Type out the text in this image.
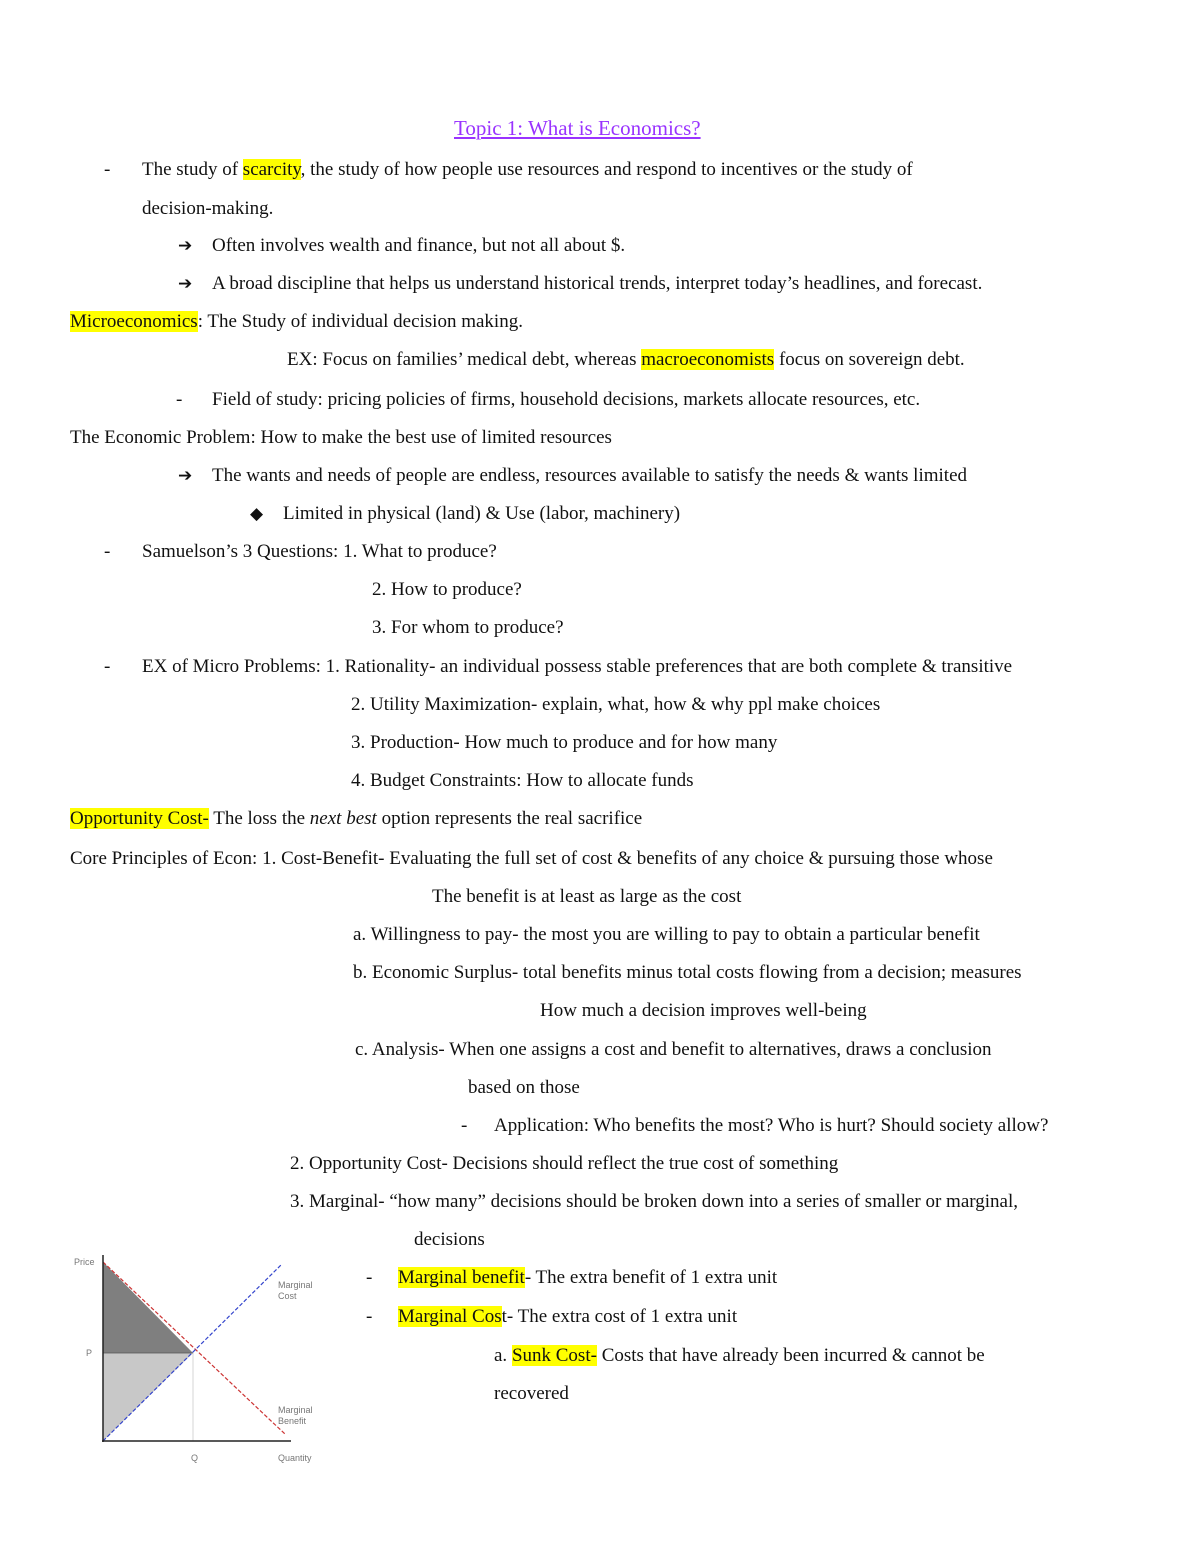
Topic 1: What is Economics?
- The study of scarcity, the study of how people use resources and respond to incentives or the study of
decision-making.
➔ Often involves wealth and finance, but not all about $.
➔ A broad discipline that helps us understand historical trends, interpret today’s headlines, and forecast.
Microeconomics: The Study of individual decision making.
EX: Focus on families’ medical debt, whereas macroeconomists focus on sovereign debt.
- Field of study: pricing policies of firms, household decisions, markets allocate resources, etc.
The Economic Problem: How to make the best use of limited resources
➔ The wants and needs of people are endless, resources available to satisfy the needs & wants limited
◆ Limited in physical (land) & Use (labor, machinery)
- Samuelson’s 3 Questions: 1. What to produce?
2. How to produce?
3. For whom to produce?
- EX of Micro Problems: 1. Rationality- an individual possess stable preferences that are both complete & transitive
2. Utility Maximization- explain, what, how & why ppl make choices
3. Production- How much to produce and for how many
4. Budget Constraints: How to allocate funds
Opportunity Cost- The loss the next best option represents the real sacrifice
Core Principles of Econ: 1. Cost-Benefit- Evaluating the full set of cost & benefits of any choice & pursuing those whose
The benefit is at least as large as the cost
a. Willingness to pay- the most you are willing to pay to obtain a particular benefit
b. Economic Surplus- total benefits minus total costs flowing from a decision; measures
How much a decision improves well-being
c. Analysis- When one assigns a cost and benefit to alternatives, draws a conclusion
based on those
- Application: Who benefits the most? Who is hurt? Should society allow?
2. Opportunity Cost- Decisions should reflect the true cost of something
3. Marginal- “how many” decisions should be broken down into a series of smaller or marginal,
decisions
- Marginal benefit- The extra benefit of 1 extra unit
- Marginal Cost- The extra cost of 1 extra unit
a. Sunk Cost- Costs that have already been incurred & cannot be
recovered
Price
P
Q	Quantity
Marginal
Cost
Marginal
Benefit
